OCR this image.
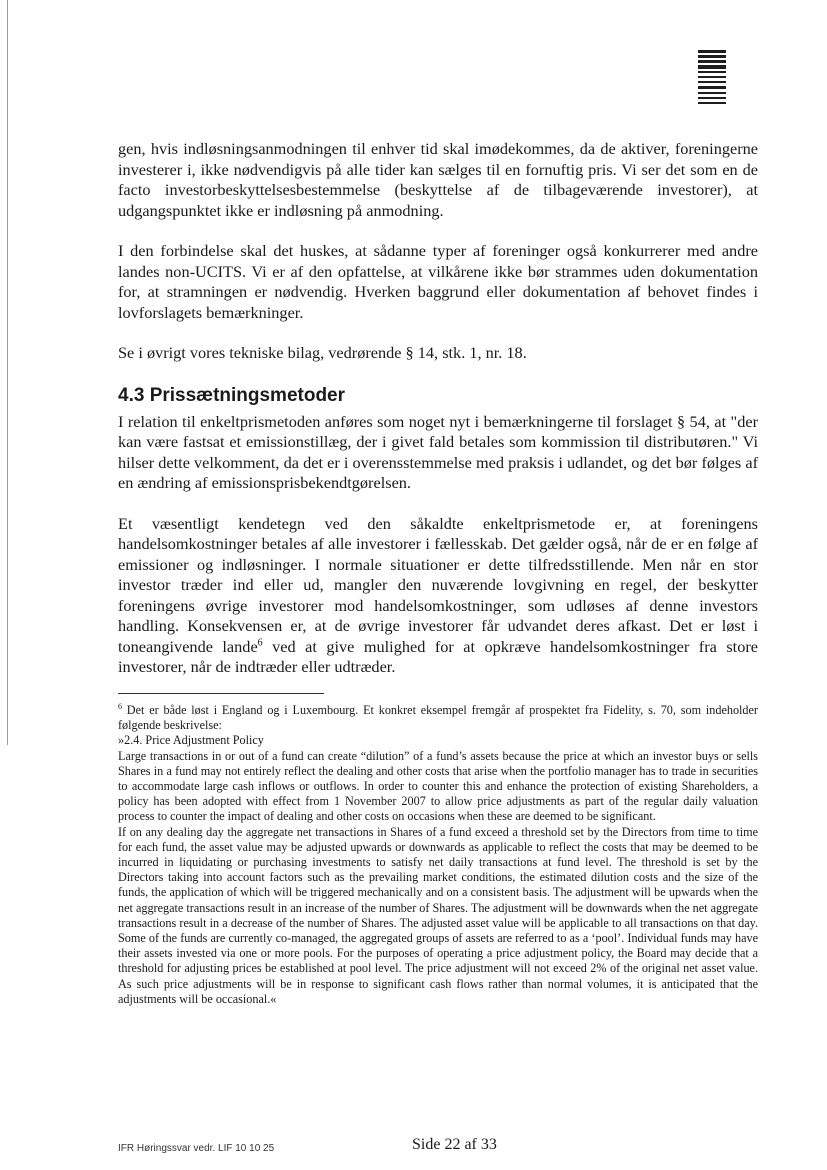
gen, hvis indløsningsanmodningen til enhver tid skal imødekommes, da de aktiver, foreningerne investerer i, ikke nødvendigvis på alle tider kan sælges til en fornuftig pris. Vi ser det som en de facto investorbeskyttelsesbestemmelse (beskyttelse af de tilbageværende investorer), at udgangspunktet ikke er indløsning på anmodning.

I den forbindelse skal det huskes, at sådanne typer af foreninger også konkurrerer med andre landes non-UCITS. Vi er af den opfattelse, at vilkårene ikke bør strammes uden dokumentation for, at stramningen er nødvendig. Hverken baggrund eller dokumentation af behovet findes i lovforslagets bemærkninger.

Se i øvrigt vores tekniske bilag, vedrørende § 14, stk. 1, nr. 18.

4.3 Prissætningsmetoder

I relation til enkeltprismetoden anføres som noget nyt i bemærkningerne til forslaget § 54, at "der kan være fastsat et emissionstillæg, der i givet fald betales som kommission til distributøren." Vi hilser dette velkomment, da det er i overensstemmelse med praksis i udlandet, og det bør følges af en ændring af emissionsprisbekendtgørelsen.

Et væsentligt kendetegn ved den såkaldte enkeltprismetode er, at foreningens handelsomkostninger betales af alle investorer i fællesskab. Det gælder også, når de er en følge af emissioner og indløsninger. I normale situationer er dette tilfredsstillende. Men når en stor investor træder ind eller ud, mangler den nuværende lovgivning en regel, der beskytter foreningens øvrige investorer mod handelsomkostninger, som udløses af denne investors handling. Konsekvensen er, at de øvrige investorer får udvandet deres afkast. Det er løst i toneangivende lande$^6$ ved at give mulighed for at opkræve handelsomkostninger fra store investorer, når de indtræder eller udtræder.

$^6$ Det er både løst i England og i Luxembourg. Et konkret eksempel fremgår af prospektet fra Fidelity, s. 70, som indeholder følgende beskrivelse:

»2.4. Price Adjustment Policy

Large transactions in or out of a fund can create “dilution” of a fund’s assets because the price at which an investor buys or sells Shares in a fund may not entirely reflect the dealing and other costs that arise when the portfolio manager has to trade in securities to accommodate large cash inflows or outflows. In order to counter this and enhance the protection of existing Shareholders, a policy has been adopted with effect from 1 November 2007 to allow price adjustments as part of the regular daily valuation process to counter the impact of dealing and other costs on occasions when these are deemed to be significant.

If on any dealing day the aggregate net transactions in Shares of a fund exceed a threshold set by the Directors from time to time for each fund, the asset value may be adjusted upwards or downwards as applicable to reflect the costs that may be deemed to be incurred in liquidating or purchasing investments to satisfy net daily transactions at fund level. The threshold is set by the Directors taking into account factors such as the prevailing market conditions, the estimated dilution costs and the size of the funds, the application of which will be triggered mechanically and on a consistent basis. The adjustment will be upwards when the net aggregate transactions result in an increase of the number of Shares. The adjustment will be downwards when the net aggregate transactions result in a decrease of the number of Shares. The adjusted asset value will be applicable to all transactions on that day. Some of the funds are currently co-managed, the aggregated groups of assets are referred to as a ‘pool’. Individual funds may have their assets invested via one or more pools. For the purposes of operating a price adjustment policy, the Board may decide that a threshold for adjusting prices be established at pool level. The price adjustment will not exceed 2% of the original net asset value. As such price adjustments will be in response to significant cash flows rather than normal volumes, it is anticipated that the adjustments will be occasional.«

IFR Høringssvar vedr. LIF 10 10 25	Side 22 af 33
